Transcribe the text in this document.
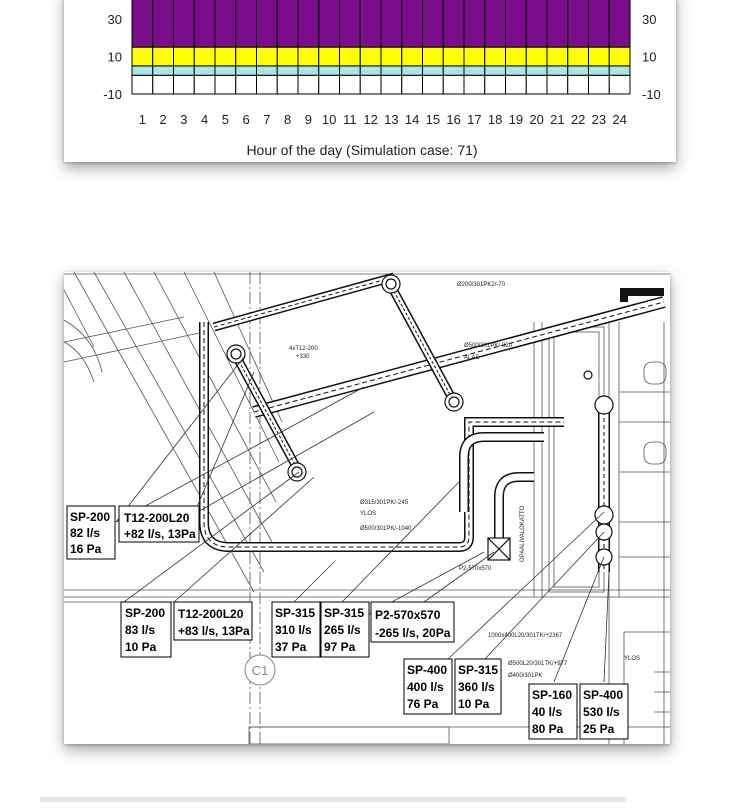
30
10
-10
30
10
-10
1 2 3 4 5 6 7 8 9 10 11 12 13 14 15 16 17 18 19 20 21 22 23 24
Hour of the day (Simulation case: 71)
Ø200/301PK2/-70
Ø500/301PK/-820
ALAS
4xT12-200
+330
Ø315/301PK/-245
YLOS
Ø500/301PK/-1040
P2-570x570
OPAALIVALOKATTO
1000x400L20/301TK/+2367
Ø500L20/301TK/+977
Ø400/301PK
YLOS
C1
SP-200
82 l/s
16 Pa
T12-200L20
+82 l/s, 13Pa
SP-200
83 l/s
10 Pa
T12-200L20
+83 l/s, 13Pa
SP-315
310 l/s
37 Pa
SP-315
265 l/s
97 Pa
P2-570x570
-265 l/s, 20Pa
SP-400
400 l/s
76 Pa
SP-315
360 l/s
10 Pa
SP-160
40 l/s
80 Pa
SP-400
530 l/s
25 Pa
